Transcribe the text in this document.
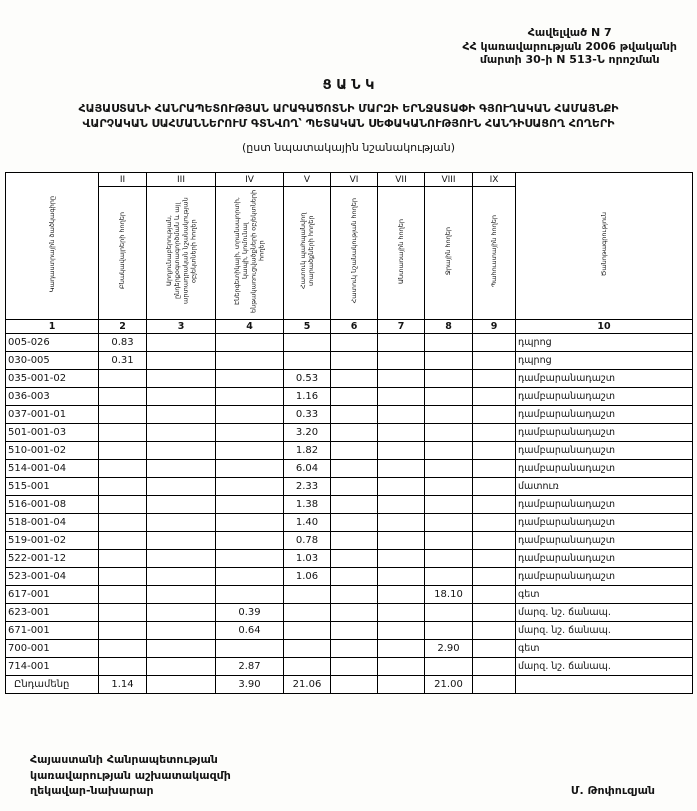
Հավելված N 7
ՀՀ կառավարության 2006 թվականի
մարտի 30-ի N 513-Ն որոշման
Ց Ա Ն Կ
ՀԱՅԱՍՏԱՆԻ ՀԱՆՐԱՊԵՏՈՒԹՅԱՆ ԱՐԱԳԱԾՈՏՆԻ ՄԱՐԶԻ ԵՐՆՋԱՏԱՓԻ ԳՅՈՒՂԱԿԱՆ ՀԱՄԱՅՆՔԻ
ՎԱՐՉԱԿԱՆ ՍԱՀՄԱՆՆԵՐՈՒՄ ԳՏՆՎՈՂ՝ ՊԵՏԱԿԱՆ ՍԵՓԱԿԱՆՈՒԹՅՈՒՆ ՀԱՆԴԻՍԱՑՈՂ ՀՈՂԵՐԻ
(ըստ նպատակային նշանակության)
Կադաստրային ծածկագիրը	II	III	IV	V	VI	VII	VIII	IX	Ծանոթագրություն
	Բնակավայրերի հողեր	Արդյունաբերության, ընդերքօգտագործման և այլ արտադրական նշանակության օբյեկտների հողեր	Էներգետիկայի, տրանսպորտի, կապի, կոմունալ ենթակառուցվածքների օբյեկտների հողեր	Հատուկ պահպանվող տարածքների հողեր	Հատուկ նշանակության հողեր	Անտառային հողեր	Ջրային հողեր	Պահուստային հողեր	
1	2	3	4	5	6	7	8	9	10
005-026	0.83								դպրոց
030-005	0.31								դպրոց
035-001-02				0.53					դամբարանադաշտ
036-003				1.16					դամբարանադաշտ
037-001-01				0.33					դամբարանադաշտ
501-001-03				3.20					դամբարանադաշտ
510-001-02				1.82					դամբարանադաշտ
514-001-04				6.04					դամբարանադաշտ
515-001				2.33					մատուռ
516-001-08				1.38					դամբարանադաշտ
518-001-04				1.40					դամբարանադաշտ
519-001-02				0.78					դամբարանադաշտ
522-001-12				1.03					դամբարանադաշտ
523-001-04				1.06					դամբարանադաշտ
617-001							18.10		գետ
623-001			0.39						մարզ. նշ. ճանապ.
671-001			0.64						մարզ. նշ. ճանապ.
700-001							2.90		գետ
714-001			2.87						մարզ. նշ. ճանապ.
Ընդամենը	1.14		3.90	21.06			21.00		
Հայաստանի Հանրապետության
կառավարության աշխատակազմի
ղեկավար-նախարար	Մ. Թոփուզյան
